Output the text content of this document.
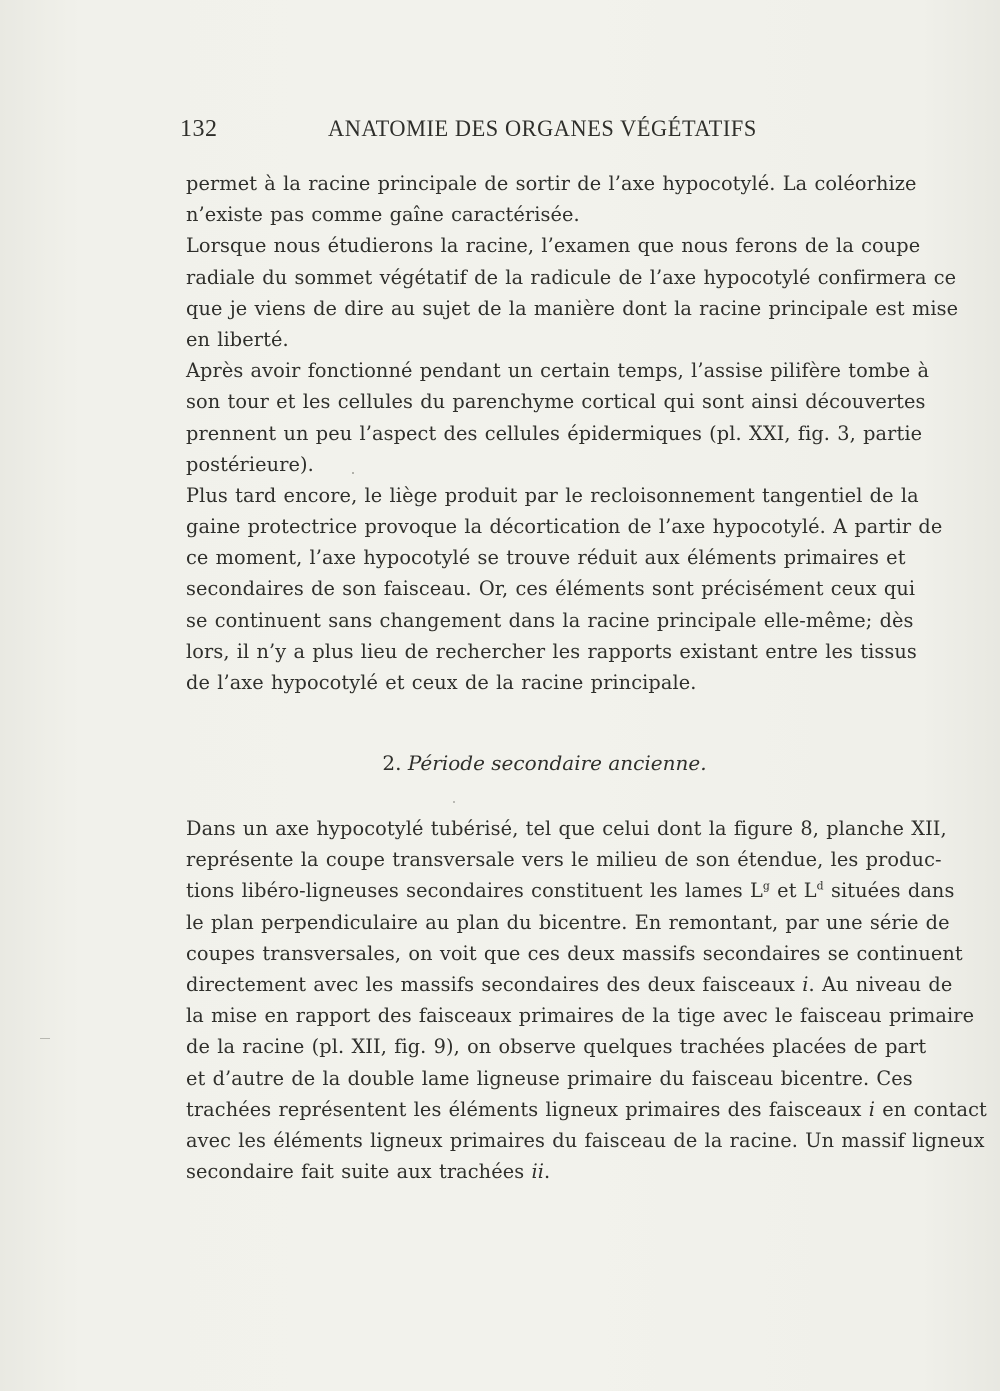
132	ANATOMIE DES ORGANES VÉGÉTATIFS
permet à la racine principale de sortir de l’axe hypocotylé. La coléorhize
n’existe pas comme gaîne caractérisée.
Lorsque nous étudierons la racine, l’examen que nous ferons de la coupe
radiale du sommet végétatif de la radicule de l’axe hypocotylé confirmera ce
que je viens de dire au sujet de la manière dont la racine principale est mise
en liberté.
Après avoir fonctionné pendant un certain temps, l’assise pilifère tombe à
son tour et les cellules du parenchyme cortical qui sont ainsi découvertes
prennent un peu l’aspect des cellules épidermiques (pl. XXI, fig. 3, partie
postérieure).
Plus tard encore, le liège produit par le recloisonnement tangentiel de la
gaine protectrice provoque la décortication de l’axe hypocotylé. A partir de
ce moment, l’axe hypocotylé se trouve réduit aux éléments primaires et
secondaires de son faisceau. Or, ces éléments sont précisément ceux qui
se continuent sans changement dans la racine principale elle-même; dès
lors, il n’y a plus lieu de rechercher les rapports existant entre les tissus
de l’axe hypocotylé et ceux de la racine principale.
2. Période secondaire ancienne.
Dans un axe hypocotylé tubérisé, tel que celui dont la figure 8, planche XII,
représente la coupe transversale vers le milieu de son étendue, les produc-
tions libéro-ligneuses secondaires constituent les lames $L^g$ et $L^d$ situées dans
le plan perpendiculaire au plan du bicentre. En remontant, par une série de
coupes transversales, on voit que ces deux massifs secondaires se continuent
directement avec les massifs secondaires des deux faisceaux i. Au niveau de
la mise en rapport des faisceaux primaires de la tige avec le faisceau primaire
de la racine (pl. XII, fig. 9), on observe quelques trachées placées de part
et d’autre de la double lame ligneuse primaire du faisceau bicentre. Ces
trachées représentent les éléments ligneux primaires des faisceaux i en contact
avec les éléments ligneux primaires du faisceau de la racine. Un massif ligneux
secondaire fait suite aux trachées ii.
